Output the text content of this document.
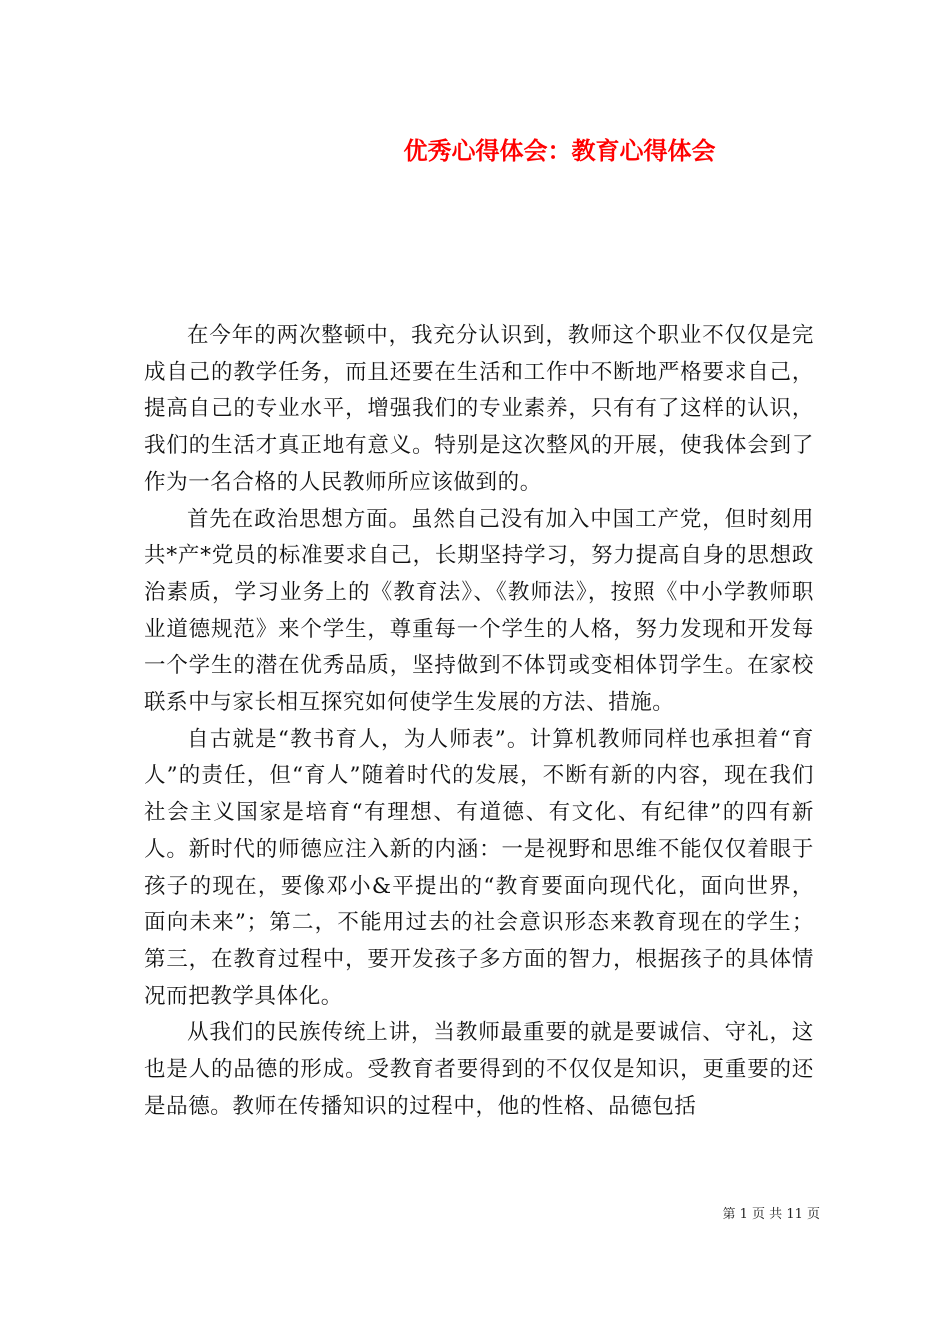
优秀心得体会：教育心得体会

在今年的两次整顿中，我充分认识到，教师这个职业不仅仅是完成自己的教学任务，而且还要在生活和工作中不断地严格要求自己，提高自己的专业水平，增强我们的专业素养，只有有了这样的认识，我们的生活才真正地有意义。特别是这次整风的开展，使我体会到了作为一名合格的人民教师所应该做到的。

首先在政治思想方面。虽然自己没有加入中国工产党，但时刻用共*产*党员的标准要求自己，长期坚持学习，努力提高自身的思想政治素质，学习业务上的《教育法》、《教师法》，按照《中小学教师职业道德规范》来个学生，尊重每一个学生的人格，努力发现和开发每一个学生的潜在优秀品质，坚持做到不体罚或变相体罚学生。在家校联系中与家长相互探究如何使学生发展的方法、措施。

自古就是“教书育人，为人师表”。计算机教师同样也承担着“育人”的责任，但“育人”随着时代的发展，不断有新的内容，现在我们社会主义国家是培育“有理想、有道德、有文化、有纪律”的四有新人。新时代的师德应注入新的内涵：一是视野和思维不能仅仅着眼于孩子的现在，要像邓小&平提出的“教育要面向现代化，面向世界，面向未来”；第二，不能用过去的社会意识形态来教育现在的学生；第三，在教育过程中，要开发孩子多方面的智力，根据孩子的具体情况而把教学具体化。

从我们的民族传统上讲，当教师最重要的就是要诚信、守礼，这也是人的品德的形成。受教育者要得到的不仅仅是知识，更重要的还是品德。教师在传播知识的过程中，他的性格、品德包括

第 1 页 共 11 页
